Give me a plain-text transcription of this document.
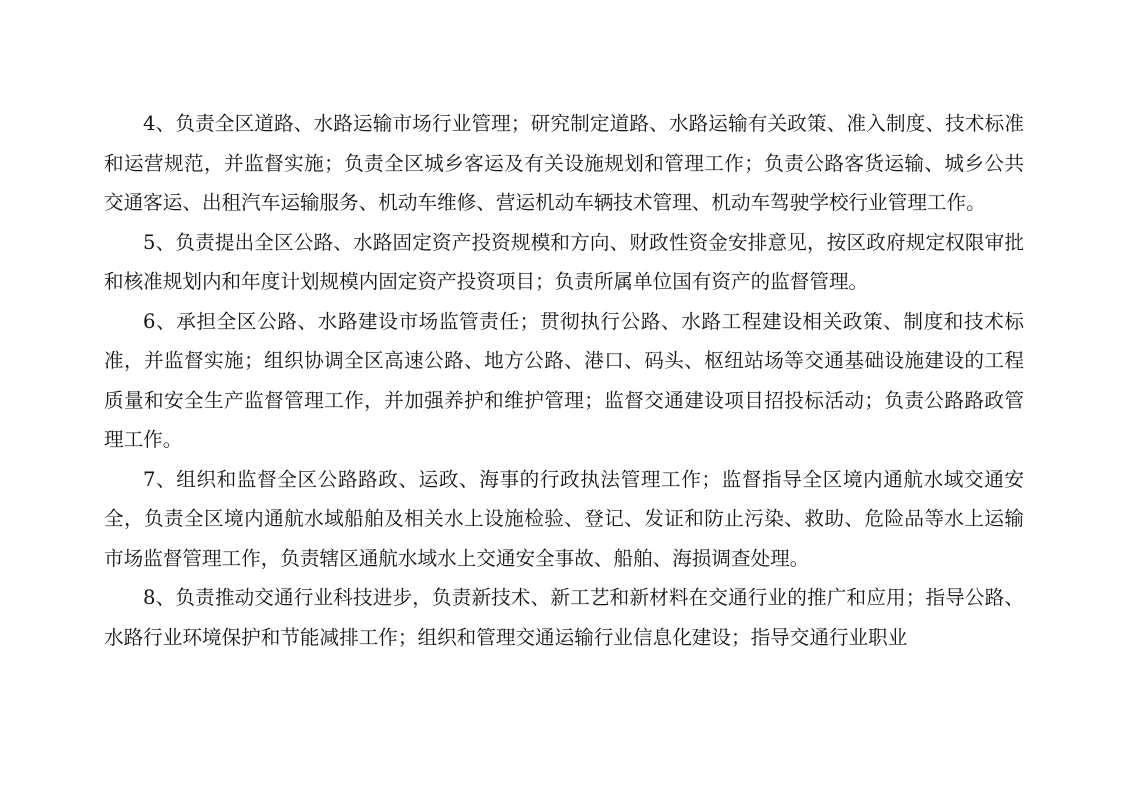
4、负责全区道路、水路运输市场行业管理；研究制定道路、水路运输有关政策、准入制度、技术标准和运营规范，并监督实施；负责全区城乡客运及有关设施规划和管理工作；负责公路客货运输、城乡公共交通客运、出租汽车运输服务、机动车维修、营运机动车辆技术管理、机动车驾驶学校行业管理工作。

5、负责提出全区公路、水路固定资产投资规模和方向、财政性资金安排意见，按区政府规定权限审批和核准规划内和年度计划规模内固定资产投资项目；负责所属单位国有资产的监督管理。

6、承担全区公路、水路建设市场监管责任；贯彻执行公路、水路工程建设相关政策、制度和技术标准，并监督实施；组织协调全区高速公路、地方公路、港口、码头、枢纽站场等交通基础设施建设的工程质量和安全生产监督管理工作，并加强养护和维护管理；监督交通建设项目招投标活动；负责公路路政管理工作。

7、组织和监督全区公路路政、运政、海事的行政执法管理工作；监督指导全区境内通航水域交通安全，负责全区境内通航水域船舶及相关水上设施检验、登记、发证和防止污染、救助、危险品等水上运输市场监督管理工作，负责辖区通航水域水上交通安全事故、船舶、海损调查处理。

8、负责推动交通行业科技进步，负责新技术、新工艺和新材料在交通行业的推广和应用；指导公路、水路行业环境保护和节能减排工作；组织和管理交通运输行业信息化建设；指导交通行业职业
